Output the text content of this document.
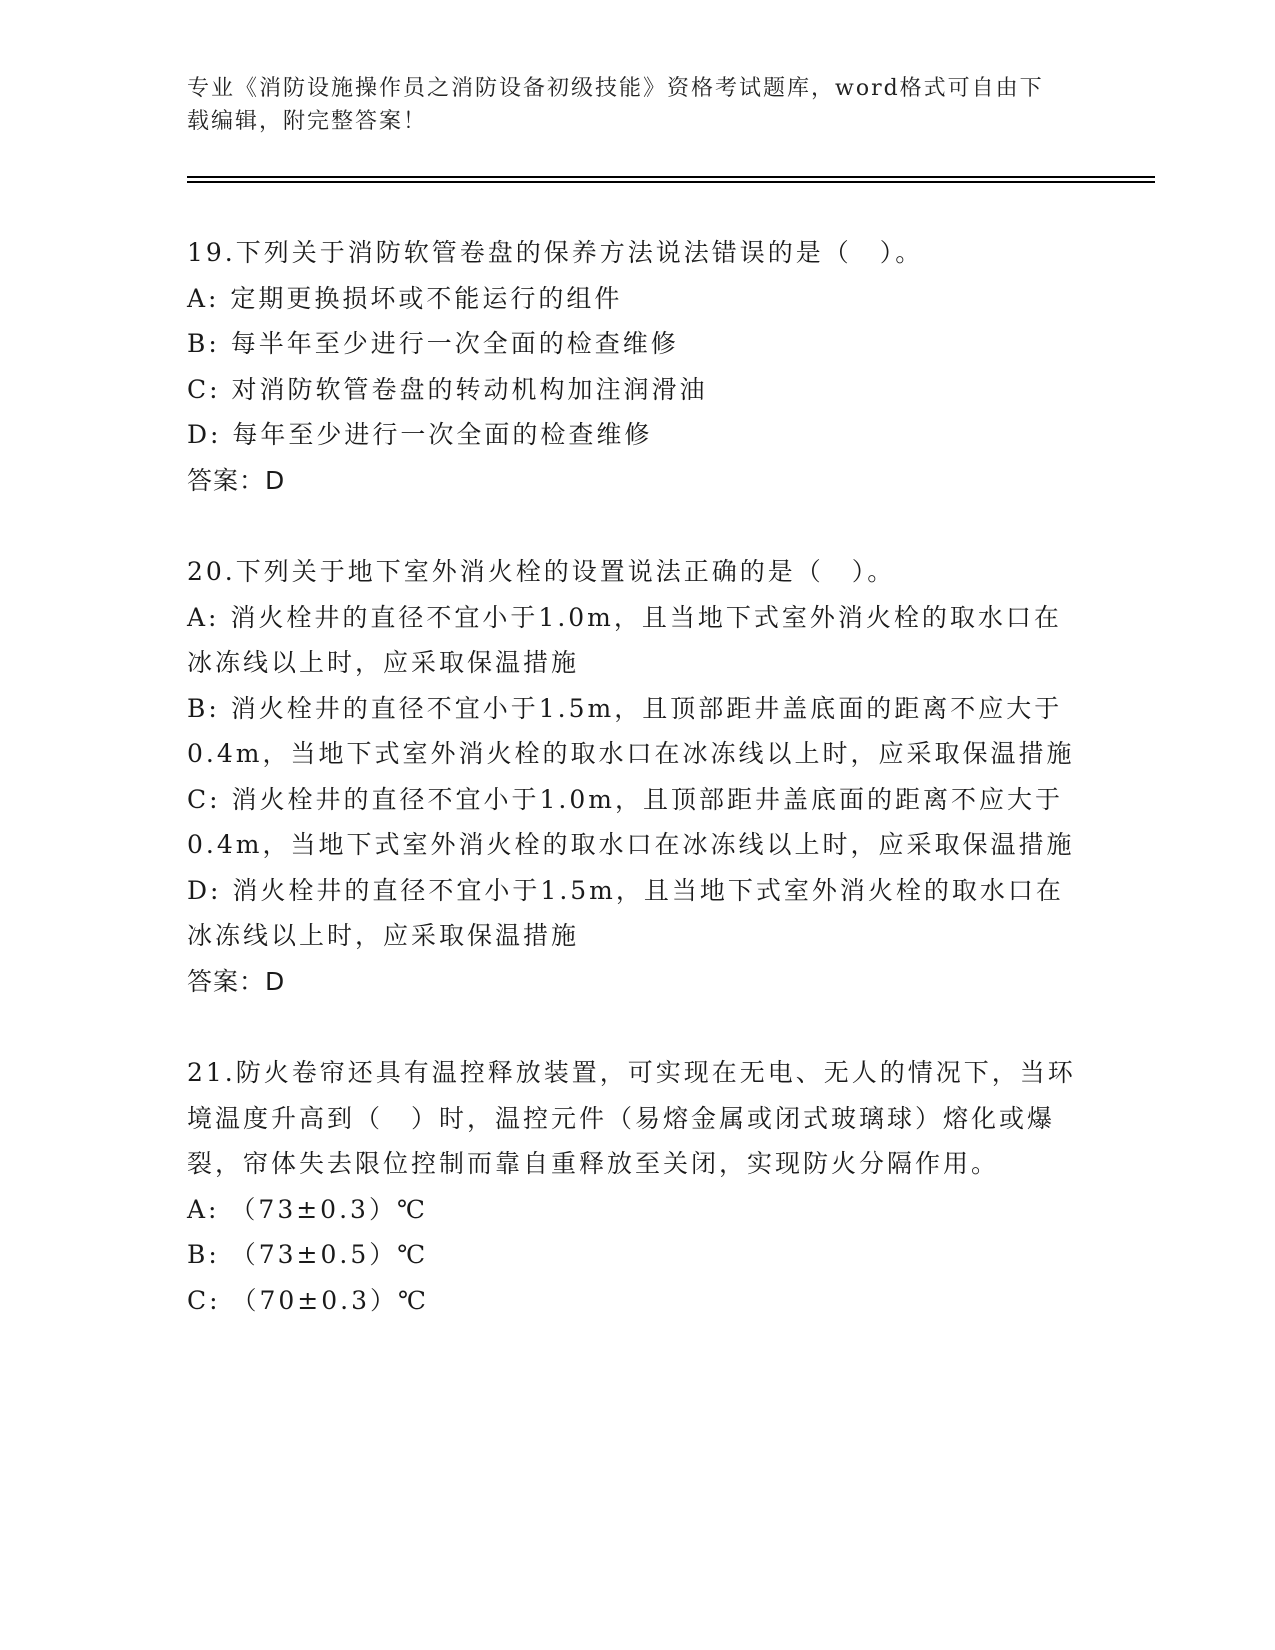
专业《消防设施操作员之消防设备初级技能》资格考试题库，word格式可自由下载编辑，附完整答案！

19.下列关于消防软管卷盘的保养方法说法错误的是（　）。

A: 定期更换损坏或不能运行的组件

B: 每半年至少进行一次全面的检查维修

C: 对消防软管卷盘的转动机构加注润滑油

D: 每年至少进行一次全面的检查维修

答案：D

20.下列关于地下室外消火栓的设置说法正确的是（　）。

A: 消火栓井的直径不宜小于1.0m，且当地下式室外消火栓的取水口在冰冻线以上时，应采取保温措施

B: 消火栓井的直径不宜小于1.5m，且顶部距井盖底面的距离不应大于0.4m，当地下式室外消火栓的取水口在冰冻线以上时，应采取保温措施

C: 消火栓井的直径不宜小于1.0m，且顶部距井盖底面的距离不应大于0.4m，当地下式室外消火栓的取水口在冰冻线以上时，应采取保温措施

D: 消火栓井的直径不宜小于1.5m，且当地下式室外消火栓的取水口在冰冻线以上时，应采取保温措施

答案：D

21.防火卷帘还具有温控释放装置，可实现在无电、无人的情况下，当环境温度升高到（　）时，温控元件（易熔金属或闭式玻璃球）熔化或爆裂，帘体失去限位控制而靠自重释放至关闭，实现防火分隔作用。

A: （73±0.3）℃

B: （73±0.5）℃

C: （70±0.3）℃
